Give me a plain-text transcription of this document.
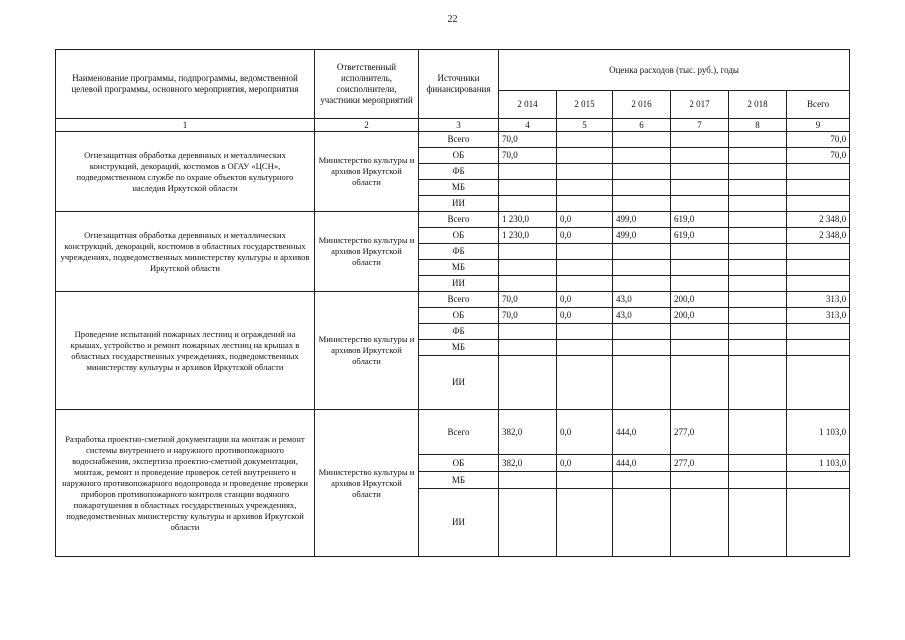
22
Наименование программы, подпрограммы, ведомственной целевой программы, основного мероприятия, мероприятия	Ответственный исполнитель, соисполнители, участники мероприятий	Источники финансирования	Оценка расходов (тыс. руб.), годы					
			2 014	2 015	2 016	2 017	2 018	Всего
1	2	3	4	5	6	7	8	9
Огнезащитная обработка деревянных и металлических конструкций, декораций, костюмов в ОГАУ «ЦСН», подведомственном службе по охране объектов культурного наследия Иркутской области	Министерство культуры и архивов Иркутской области	Всего	70,0					70,0
		ОБ	70,0					70,0
		ФБ						
		МБ						
		ИИ						
Огнезащитная обработка деревянных и металлических конструкций, декораций, костюмов в областных государственных учреждениях, подведомственных министерству культуры и архивов Иркутской области	Министерство культуры и архивов Иркутской области	Всего	1 230,0	0,0	499,0	619,0		2 348,0
		ОБ	1 230,0	0,0	499,0	619,0		2 348,0
		ФБ						
		МБ						
		ИИ						
Проведение испытаний пожарных лестниц и ограждений на крышах, устройство и ремонт пожарных лестниц на крышах в областных государственных учреждениях, подведомственных министерству культуры и архивов Иркутской области	Министерство культуры и архивов Иркутской области	Всего	70,0	0,0	43,0	200,0		313,0
		ОБ	70,0	0,0	43,0	200,0		313,0
		ФБ						
		МБ						
		ИИ						
Разработка проектно-сметной документации на монтаж и ремонт системы внутреннего и наружного противопожарного водоснабжения, экспертиза проектно-сметной документации, монтаж, ремонт и проведение проверок сетей внутреннего и наружного противопожарного водопровода и проведение проверки приборов противопожарного контроля станции водяного пожаротушения в областных государственных учреждениях, подведомственных министерству культуры и архивов Иркутской области	Министерство культуры и архивов Иркутской области	Всего	382,0	0,0	444,0	277,0		1 103,0
		ОБ	382,0	0,0	444,0	277,0		1 103,0
		МБ						
		ИИ						
